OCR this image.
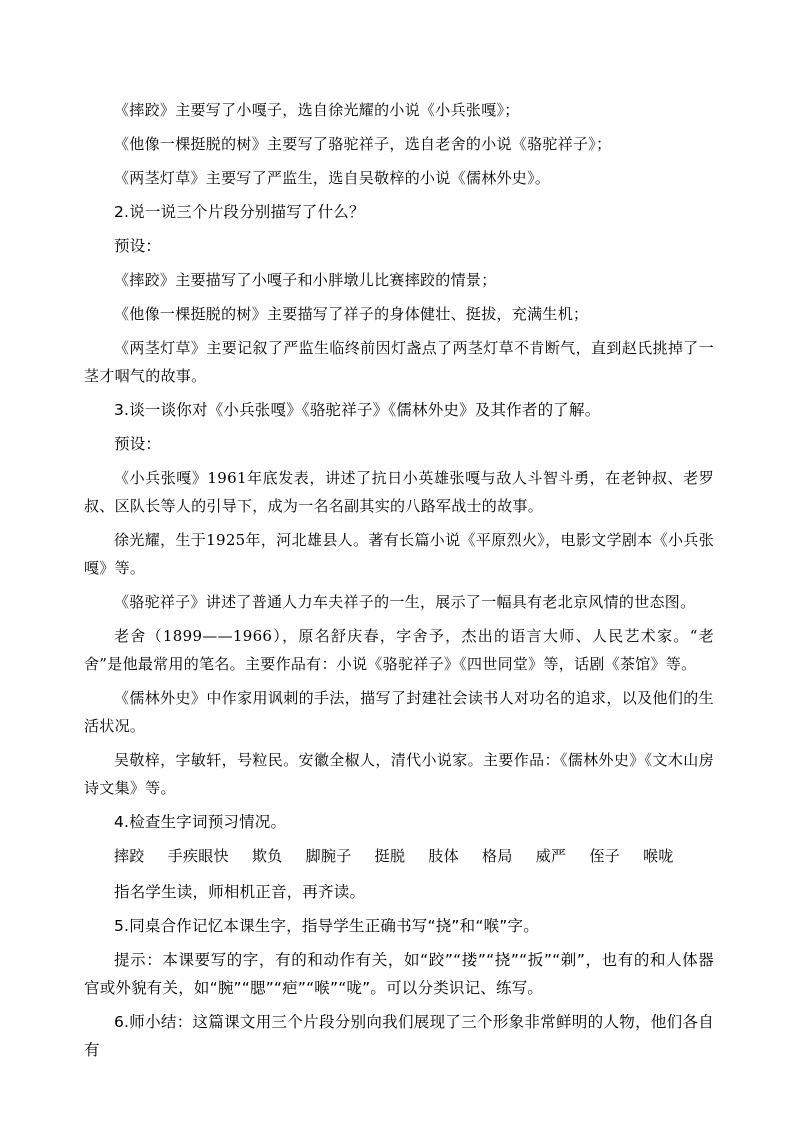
《摔跤》主要写了小嘎子，选自徐光耀的小说《小兵张嘎》；

《他像一棵挺脱的树》主要写了骆驼祥子，选自老舍的小说《骆驼祥子》；

《两茎灯草》主要写了严监生，选自吴敬梓的小说《儒林外史》。

2.说一说三个片段分别描写了什么？

预设：

《摔跤》主要描写了小嘎子和小胖墩儿比赛摔跤的情景；

《他像一棵挺脱的树》主要描写了祥子的身体健壮、挺拔，充满生机；

《两茎灯草》主要记叙了严监生临终前因灯盏点了两茎灯草不肯断气，直到赵氏挑掉了一茎才咽气的故事。

3.谈一谈你对《小兵张嘎》《骆驼祥子》《儒林外史》及其作者的了解。

预设：

《小兵张嘎》1961年底发表，讲述了抗日小英雄张嘎与敌人斗智斗勇，在老钟叔、老罗叔、区队长等人的引导下，成为一名名副其实的八路军战士的故事。

徐光耀，生于1925年，河北雄县人。著有长篇小说《平原烈火》，电影文学剧本《小兵张嘎》等。

《骆驼祥子》讲述了普通人力车夫祥子的一生，展示了一幅具有老北京风情的世态图。

老舍（1899——1966），原名舒庆春，字舍予，杰出的语言大师、人民艺术家。“老舍”是他最常用的笔名。主要作品有：小说《骆驼祥子》《四世同堂》等，话剧《茶馆》等。

《儒林外史》中作家用讽刺的手法，描写了封建社会读书人对功名的追求，以及他们的生活状况。

吴敬梓，字敏轩，号粒民。安徽全椒人，清代小说家。主要作品：《儒林外史》《文木山房诗文集》等。

4.检查生字词预习情况。

摔跤 手疾眼快 欺负 脚腕子 挺脱 肢体 格局 威严 侄子 喉咙

指名学生读，师相机正音，再齐读。

5.同桌合作记忆本课生字，指导学生正确书写“挠”和“喉”字。

提示：本课要写的字，有的和动作有关，如“跤”“搂”“挠”“扳”“剃”，也有的和人体器官或外貌有关，如“腕”“腮”“疤”“喉”“咙”。可以分类识记、练写。

6.师小结：这篇课文用三个片段分别向我们展现了三个形象非常鲜明的人物，他们各自有
